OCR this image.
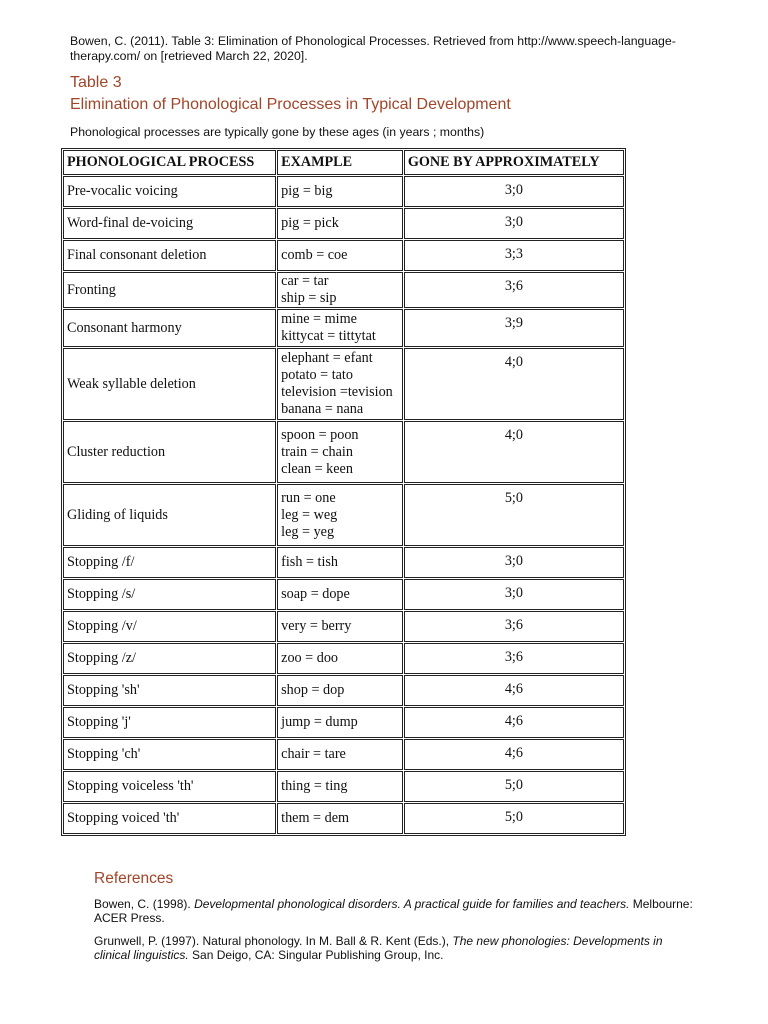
Bowen, C. (2011). Table 3: Elimination of Phonological Processes. Retrieved from http://www.speech-language-therapy.com/ on [retrieved March 22, 2020].
Table 3
Elimination of Phonological Processes in Typical Development
Phonological processes are typically gone by these ages (in years ; months)
PHONOLOGICAL PROCESS	EXAMPLE	GONE BY APPROXIMATELY
Pre-vocalic voicing	pig = big	3;0
Word-final de-voicing	pig = pick	3;0
Final consonant deletion	comb = coe	3;3
Fronting	car = tar
ship = sip	3;6
Consonant harmony	mine = mime
kittycat = tittytat	3;9
Weak syllable deletion	elephant = efant
potato = tato
television =tevision
banana = nana	4;0
Cluster reduction	spoon = poon
train = chain
clean = keen	4;0
Gliding of liquids	run = one
leg = weg
leg = yeg	5;0
Stopping /f/	fish = tish	3;0
Stopping /s/	soap = dope	3;0
Stopping /v/	very = berry	3;6
Stopping /z/	zoo = doo	3;6
Stopping 'sh'	shop = dop	4;6
Stopping 'j'	jump = dump	4;6
Stopping 'ch'	chair = tare	4;6
Stopping voiceless 'th'	thing = ting	5;0
Stopping voiced 'th'	them = dem	5;0
References
Bowen, C. (1998). Developmental phonological disorders. A practical guide for families and teachers. Melbourne: ACER Press.
Grunwell, P. (1997). Natural phonology. In M. Ball & R. Kent (Eds.), The new phonologies: Developments in clinical linguistics. San Deigo, CA: Singular Publishing Group, Inc.
